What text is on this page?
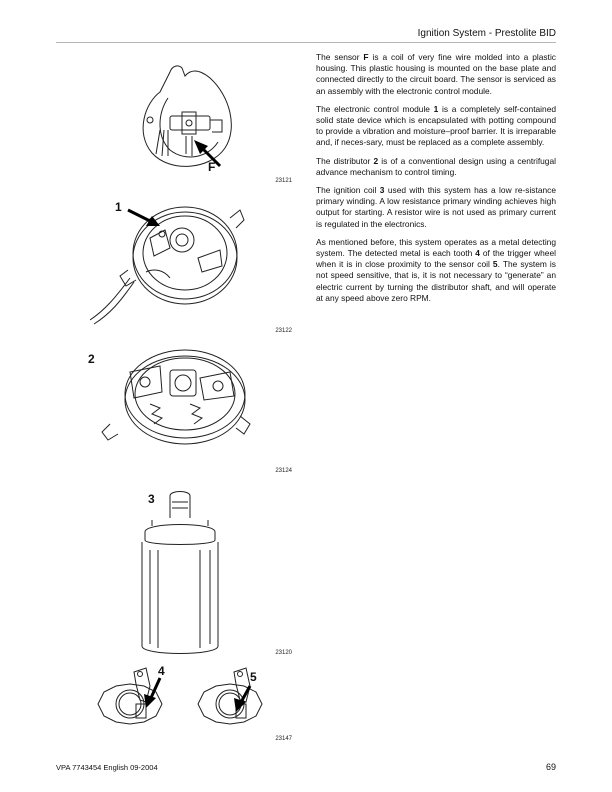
Ignition System - Prestolite BID
F
23121
1
23122
2
23124
3
23120
4	5
23147

The sensor F is a coil of very fine wire molded into a plastic housing. This plastic housing is mounted on the base plate and connected directly to the circuit board. The sensor is serviced as an assembly with the electronic control module.

The electronic control module 1 is a completely self-contained solid state device which is encapsulated with potting compound to provide a vibration and moisture–proof barrier. It is irreparable and, if neces-sary, must be replaced as a complete assembly.

The distributor 2 is of a conventional design using a centrifugal advance mechanism to control timing.

The ignition coil 3 used with this system has a low re-sistance primary winding. A low resistance primary winding achieves high output for starting. A resistor wire is not used as primary current is regulated in the electronics.

As mentioned before, this system operates as a metal detecting system. The detected metal is each tooth 4 of the trigger wheel when it is in close proximity to the sensor coil 5. The system is not speed sensitive, that is, it is not necessary to “generate” an electric current by turning the distributor shaft, and will operate at any speed above zero RPM.

VPA 7743454 English 09-2004	69
